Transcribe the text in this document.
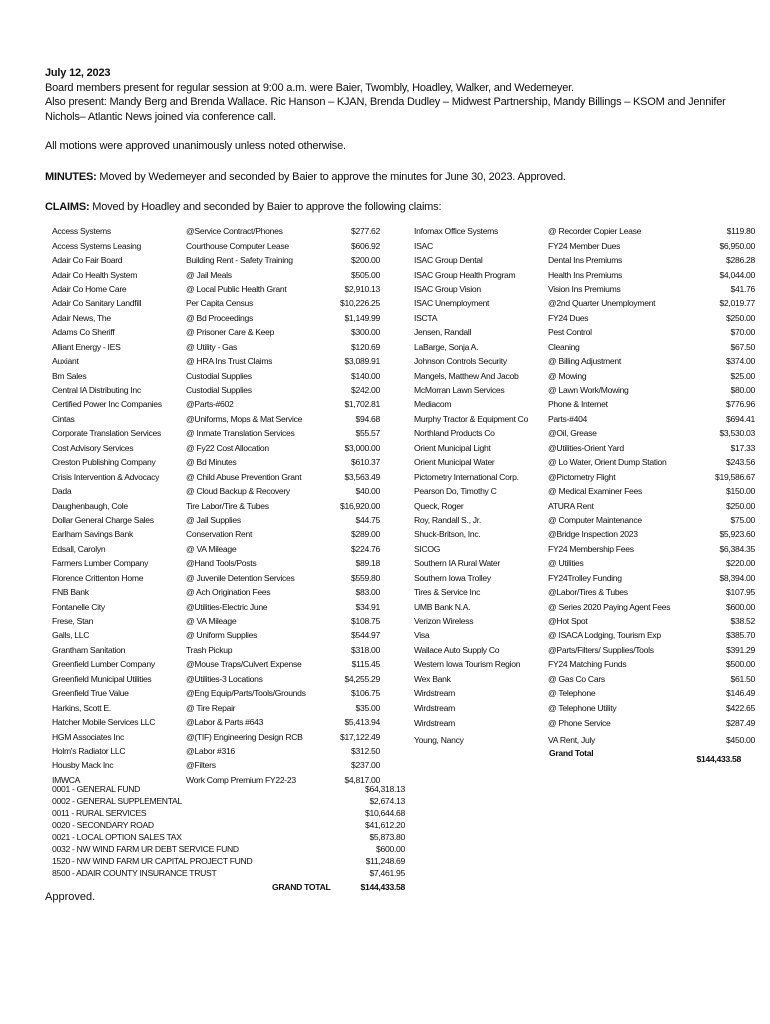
July 12, 2023
Board members present for regular session at 9:00 a.m. were Baier, Twombly, Hoadley, Walker, and Wedemeyer.
Also present: Mandy Berg and Brenda Wallace. Ric Hanson – KJAN, Brenda Dudley – Midwest Partnership, Mandy Billings – KSOM and Jennifer
Nichols– Atlantic News joined via conference call.
All motions were approved unanimously unless noted otherwise.
MINUTES: Moved by Wedemeyer and seconded by Baier to approve the minutes for June 30, 2023. Approved.
CLAIMS: Moved by Hoadley and seconded by Baier to approve the following claims:
Access Systems	@Service Contract/Phones	$277.62
Access Systems Leasing	Courthouse Computer Lease	$606.92
Adair Co Fair Board	Building Rent - Safety Training	$200.00
Adair Co Health System	@ Jail Meals	$505.00
Adair Co Home Care	@ Local Public Health Grant	$2,910.13
Adair Co Sanitary Landfill	Per Capita Census	$10,226.25
Adair News, The	@ Bd Proceedings	$1,149.99
Adams Co Sheriff	@ Prisoner Care & Keep	$300.00
Alliant Energy - IES	@ Utility - Gas	$120.69
Auxiant	@ HRA Ins Trust Claims	$3,089.91
Bm Sales	Custodial Supplies	$140.00
Central IA Distributing Inc	Custodial Supplies	$242.00
Certified Power Inc Companies	@Parts-#602	$1,702.81
Cintas	@Uniforms, Mops & Mat Service	$94.68
Corporate Translation Services	@ Inmate Translation Services	$55.57
Cost Advisory Services	@ Fy22 Cost Allocation	$3,000.00
Creston Publishing Company	@ Bd Minutes	$610.37
Crisis Intervention & Advocacy	@ Child Abuse Prevention Grant	$3,563.49
Dada	@ Cloud Backup & Recovery	$40.00
Daughenbaugh, Cole	Tire Labor/Tire & Tubes	$16,920.00
Dollar General Charge Sales	@ Jail Supplies	$44.75
Earlham Savings Bank	Conservation Rent	$289.00
Edsall, Carolyn	@ VA Mileage	$224.76
Farmers Lumber Company	@Hand Tools/Posts	$89.18
Florence Crittenton Home	@ Juvenile Detention Services	$559.80
FNB Bank	@ Ach Origination Fees	$83.00
Fontanelle City	@Utilities-Electric June	$34.91
Frese, Stan	@ VA Mileage	$108.75
Galls, LLC	@ Uniform Supplies	$544.97
Grantham Sanitation	Trash Pickup	$318.00
Greenfield Lumber Company	@Mouse Traps/Culvert Expense	$115.45
Greenfield Municipal Utilities	@Utilities-3 Locations	$4,255.29
Greenfield True Value	@Eng Equip/Parts/Tools/Grounds	$106.75
Harkins, Scott E.	@ Tire Repair	$35.00
Hatcher Mobile Services LLC	@Labor & Parts #643	$5,413.94
HGM Associates Inc	@(TIF) Engineering Design RCB	$17,122.49
Holm's Radiator LLC	@Labor #316	$312.50
Housby Mack Inc	@Filters	$237.00
IMWCA	Work Comp Premium FY22-23	$4,817.00
Infomax Office Systems	@ Recorder Copier Lease	$119.80
ISAC	FY24 Member Dues	$6,950.00
ISAC Group Dental	Dental Ins Premiums	$286.28
ISAC Group Health Program	Health Ins Premiums	$4,044.00
ISAC Group Vision	Vision Ins Premiums	$41.76
ISAC Unemployment	@2nd Quarter Unemployment	$2,019.77
ISCTA	FY24 Dues	$250.00
Jensen, Randall	Pest Control	$70.00
LaBarge, Sonja A.	Cleaning	$67.50
Johnson Controls Security	@ Billing Adjustment	$374.00
Mangels, Matthew And Jacob	@ Mowing	$25.00
McMorran Lawn Services	@ Lawn Work/Mowing	$80.00
Mediacom	Phone & Internet	$776.96
Murphy Tractor & Equipment Co	Parts-#404	$694.41
Northland Products Co	@Oil, Grease	$3,530.03
Orient Municipal Light	@Utilities-Orient Yard	$17.33
Orient Municipal Water	@ Lo Water, Orient Dump Station	$243.56
Pictometry International Corp.	@Pictometry Flight	$19,586.67
Pearson Do, Timothy C	@ Medical Examiner Fees	$150.00
Queck, Roger	ATURA Rent	$250.00
Roy, Randall S., Jr.	@ Computer Maintenance	$75.00
Shuck-Britson, Inc.	@Bridge Inspection 2023	$5,923.60
SICOG	FY24 Membership Fees	$6,384.35
Southern IA Rural Water	@ Utilities	$220.00
Southern Iowa Trolley	FY24Trolley Funding	$8,394.00
Tires & Service Inc	@Labor/Tires & Tubes	$107.95
UMB Bank N.A.	@ Series 2020 Paying Agent Fees	$600.00
Verizon Wireless	@Hot Spot	$38.52
Visa	@ ISACA Lodging, Tourism Exp	$385.70
Wallace Auto Supply Co	@Parts/Filters/ Supplies/Tools	$391.29
Western Iowa Tourism Region	FY24 Matching Funds	$500.00
Wex Bank	@ Gas Co Cars	$61.50
Wirdstream	@ Telephone	$146.49
Wirdstream	@ Telephone Utility	$422.65
Wirdstream	@ Phone Service	$287.49
Young, Nancy	VA Rent, July	$450.00
Grand Total
$144,433.58
0001 - GENERAL FUND	$64,318.13
0002 - GENERAL SUPPLEMENTAL	$2,674.13
0011 - RURAL SERVICES	$10,644.68
0020 - SECONDARY ROAD	$41,612.20
0021 - LOCAL OPTION SALES TAX	$5,873.80
0032 - NW WIND FARM UR DEBT SERVICE FUND	$600.00
1520 - NW WIND FARM UR CAPITAL PROJECT FUND	$11,248.69
8500 - ADAIR COUNTY INSURANCE TRUST	$7,461.95
GRAND TOTAL	$144,433.58
Approved.
